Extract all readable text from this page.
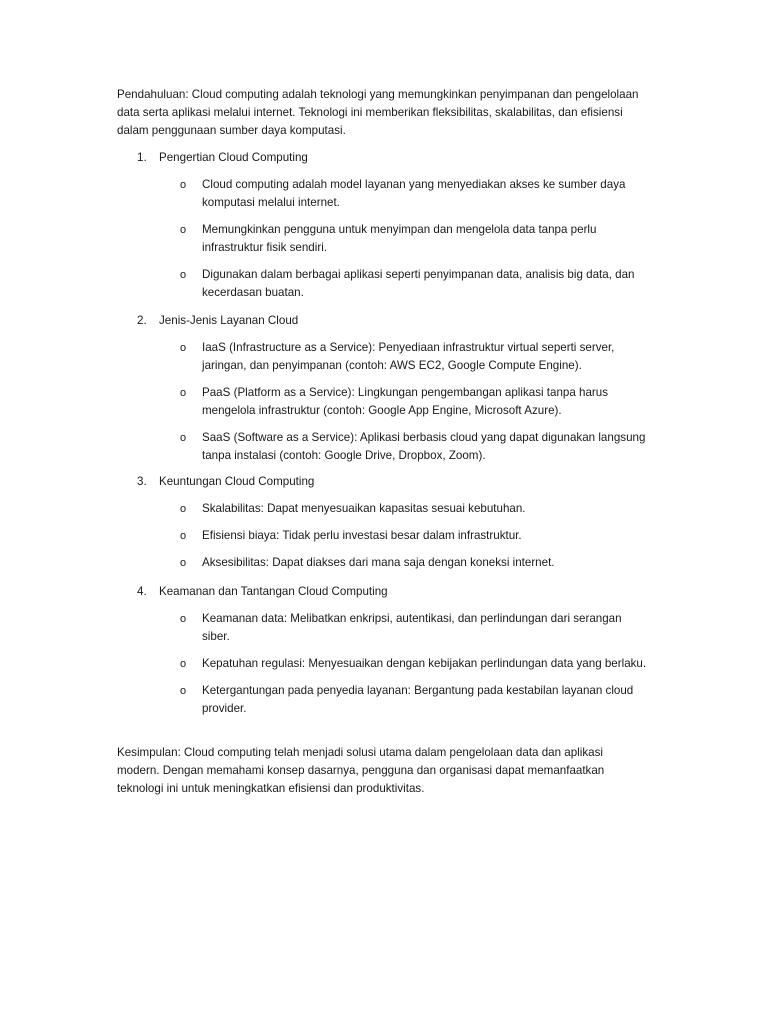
Pendahuluan: Cloud computing adalah teknologi yang memungkinkan penyimpanan dan pengelolaan data serta aplikasi melalui internet. Teknologi ini memberikan fleksibilitas, skalabilitas, dan efisiensi dalam penggunaan sumber daya komputasi.

1. Pengertian Cloud Computing
o	Cloud computing adalah model layanan yang menyediakan akses ke sumber daya komputasi melalui internet.
o	Memungkinkan pengguna untuk menyimpan dan mengelola data tanpa perlu infrastruktur fisik sendiri.
o	Digunakan dalam berbagai aplikasi seperti penyimpanan data, analisis big data, dan kecerdasan buatan.
2. Jenis-Jenis Layanan Cloud
o	IaaS (Infrastructure as a Service): Penyediaan infrastruktur virtual seperti server, jaringan, dan penyimpanan (contoh: AWS EC2, Google Compute Engine).
o	PaaS (Platform as a Service): Lingkungan pengembangan aplikasi tanpa harus mengelola infrastruktur (contoh: Google App Engine, Microsoft Azure).
o	SaaS (Software as a Service): Aplikasi berbasis cloud yang dapat digunakan langsung tanpa instalasi (contoh: Google Drive, Dropbox, Zoom).
3. Keuntungan Cloud Computing
o	Skalabilitas: Dapat menyesuaikan kapasitas sesuai kebutuhan.
o	Efisiensi biaya: Tidak perlu investasi besar dalam infrastruktur.
o	Aksesibilitas: Dapat diakses dari mana saja dengan koneksi internet.
4. Keamanan dan Tantangan Cloud Computing
o	Keamanan data: Melibatkan enkripsi, autentikasi, dan perlindungan dari serangan siber.
o	Kepatuhan regulasi: Menyesuaikan dengan kebijakan perlindungan data yang berlaku.
o	Ketergantungan pada penyedia layanan: Bergantung pada kestabilan layanan cloud provider.

Kesimpulan: Cloud computing telah menjadi solusi utama dalam pengelolaan data dan aplikasi modern. Dengan memahami konsep dasarnya, pengguna dan organisasi dapat memanfaatkan teknologi ini untuk meningkatkan efisiensi dan produktivitas.
